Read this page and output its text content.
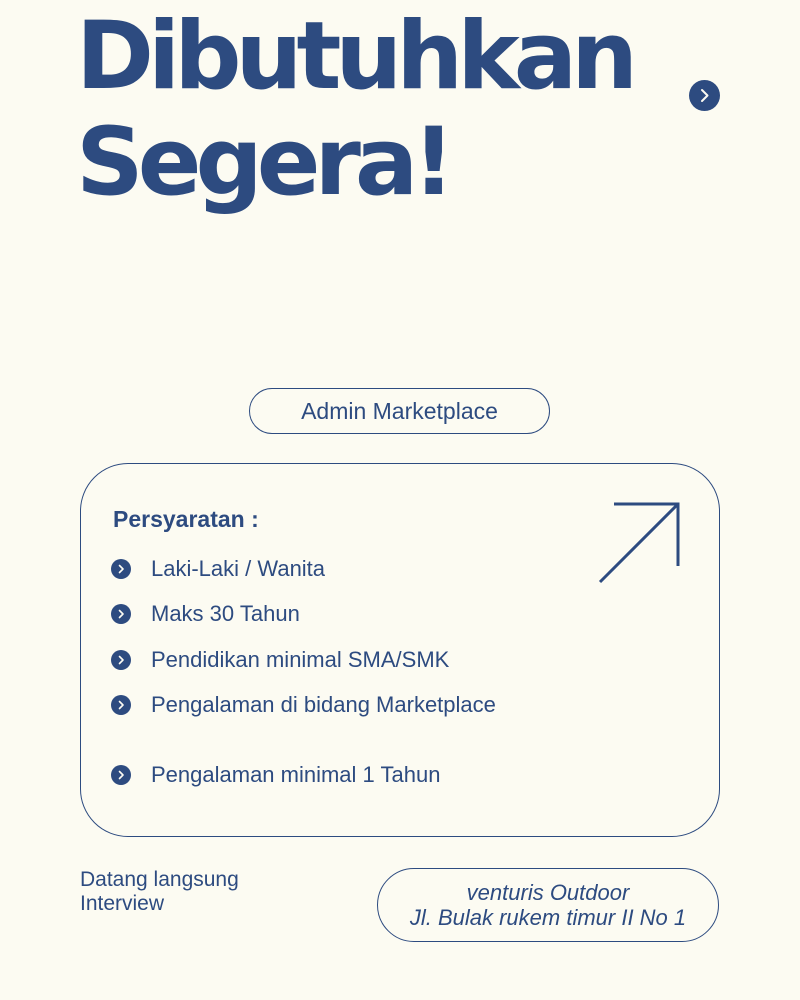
Dibutuhkan
Segera!
Admin Marketplace
Persyaratan :
Laki-Laki / Wanita
Maks 30 Tahun
Pendidikan minimal SMA/SMK
Pengalaman di bidang Marketplace
Pengalaman minimal 1 Tahun
Datang langsung
Interview	venturis Outdoor
Jl. Bulak rukem timur II No 1
